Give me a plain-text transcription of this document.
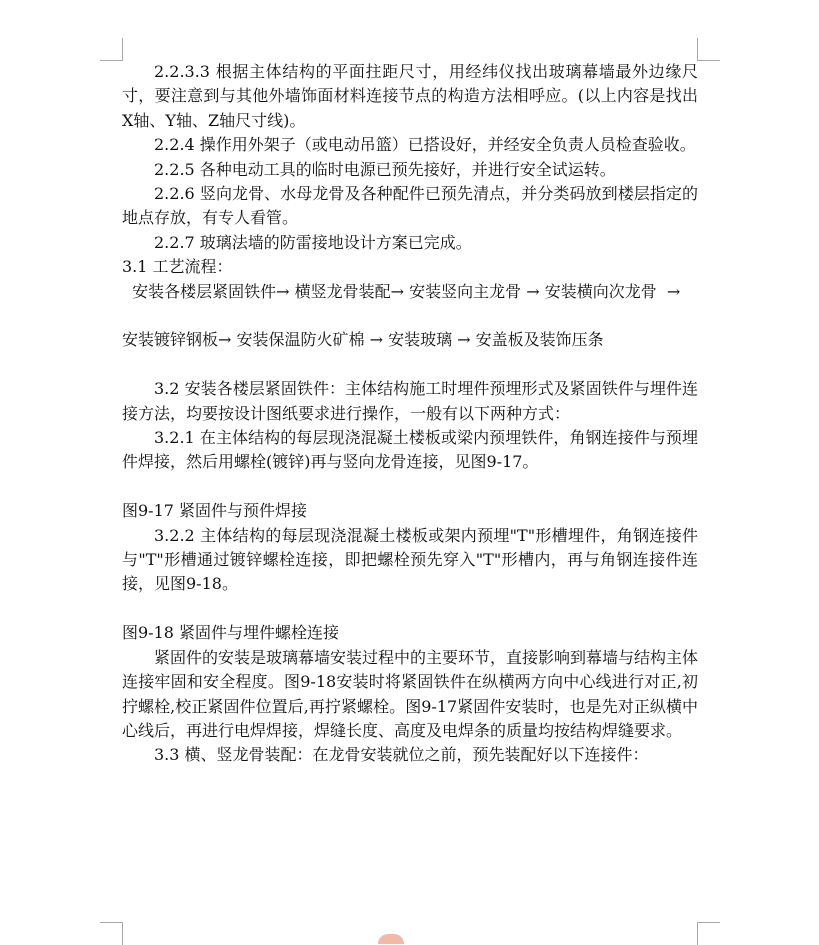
2.2.3.3 根据主体结构的平面拄距尺寸，用经纬仪找出玻璃幕墙最外边缘尺寸，要注意到与其他外墙饰面材料连接节点的构造方法相呼应。(以上内容是找出X轴、Y轴、Z轴尺寸线)。

2.2.4 操作用外架子（或电动吊篮）已搭设好，并经安全负责人员检查验收。

2.2.5 各种电动工具的临时电源已预先接好，并进行安全试运转。

2.2.6 竖向龙骨、水母龙骨及各种配件已预先清点，并分类码放到楼层指定的地点存放，有专人看管。

2.2.7 玻璃法墙的防雷接地设计方案已完成。

3.1 工艺流程：

安装各楼层紧固铁件→ 横竖龙骨装配→ 安装竖向主龙骨 → 安装横向次龙骨  →

安装镀锌钢板→ 安装保温防火矿棉 → 安装玻璃 → 安盖板及装饰压条

3.2 安装各楼层紧固铁件：主体结构施工时埋件预埋形式及紧固铁件与埋件连接方法，均要按设计图纸要求进行操作，一般有以下两种方式：

3.2.1 在主体结构的每层现浇混凝土楼板或梁内预埋铁件，角钢连接件与预埋件焊接，然后用螺栓(镀锌)再与竖向龙骨连接，见图9-17。

图9-17 紧固件与预件焊接

3.2.2 主体结构的每层现浇混凝土楼板或架内预埋"T"形槽埋件，角钢连接件与"T"形槽通过镀锌螺栓连接，即把螺栓预先穿入"T"形槽内，再与角钢连接件连接，见图9-18。

图9-18 紧固件与埋件螺栓连接

紧固件的安装是玻璃幕墙安装过程中的主要环节，直接影响到幕墙与结构主体连接牢固和安全程度。图9-18安装时将紧固铁件在纵横两方向中心线进行对正,初拧螺栓,校正紧固件位置后,再拧紧螺栓。图9-17紧固件安装时，也是先对正纵横中心线后，再进行电焊焊接，焊缝长度、高度及电焊条的质量均按结构焊缝要求。

3.3 横、竖龙骨装配：在龙骨安装就位之前，预先装配好以下连接件：
